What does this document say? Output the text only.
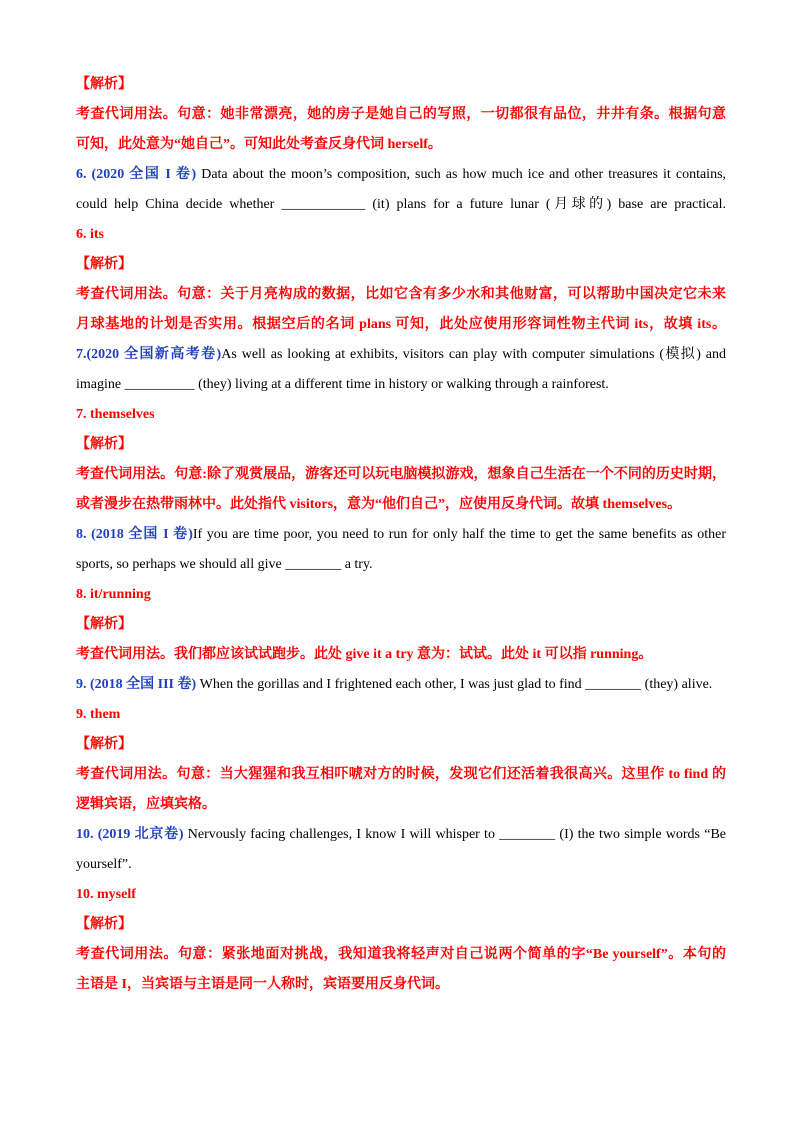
【解析】

考查代词用法。句意：她非常漂亮，她的房子是她自己的写照，一切都很有品位，井井有条。根据句意

可知，此处意为“她自己”。可知此处考查反身代词 herself。

6. (2020 全国 I 卷) Data about the moon’s composition, such as how much ice and other treasures it contains,

could help China decide whether ____________ (it) plans for a future lunar (月球的) base are practical.

6. its

【解析】

考查代词用法。句意：关于月亮构成的数据，比如它含有多少水和其他财富，可以帮助中国决定它未来

月球基地的计划是否实用。根据空后的名词 plans 可知，此处应使用形容词性物主代词 its，故填 its。

7.(2020 全国新高考卷)As well as looking at exhibits, visitors can play with computer simulations (模拟) and

imagine __________ (they) living at a different time in history or walking through a rainforest.

7. themselves

【解析】

考查代词用法。句意:除了观赏展品，游客还可以玩电脑模拟游戏，想象自己生活在一个不同的历史时期，

或者漫步在热带雨林中。此处指代 visitors，意为“他们自己”，应使用反身代词。故填 themselves。

8. (2018 全国 I 卷)If you are time poor, you need to run for only half the time to get the same benefits as other

sports, so perhaps we should all give ________ a try.

8. it/running

【解析】

考查代词用法。我们都应该试试跑步。此处 give it a try 意为：试试。此处 it 可以指 running。

9. (2018 全国 III 卷) When the gorillas and I frightened each other, I was just glad to find ________ (they) alive.

9. them

【解析】

考查代词用法。句意：当大猩猩和我互相吓唬对方的时候，发现它们还活着我很高兴。这里作 to find 的

逻辑宾语，应填宾格。

10. (2019 北京卷) Nervously facing challenges, I know I will whisper to ________ (I) the two simple words “Be

yourself”.

10. myself

【解析】

考查代词用法。句意：紧张地面对挑战，我知道我将轻声对自己说两个简单的字“Be yourself”。本句的

主语是 I，当宾语与主语是同一人称时，宾语要用反身代词。
